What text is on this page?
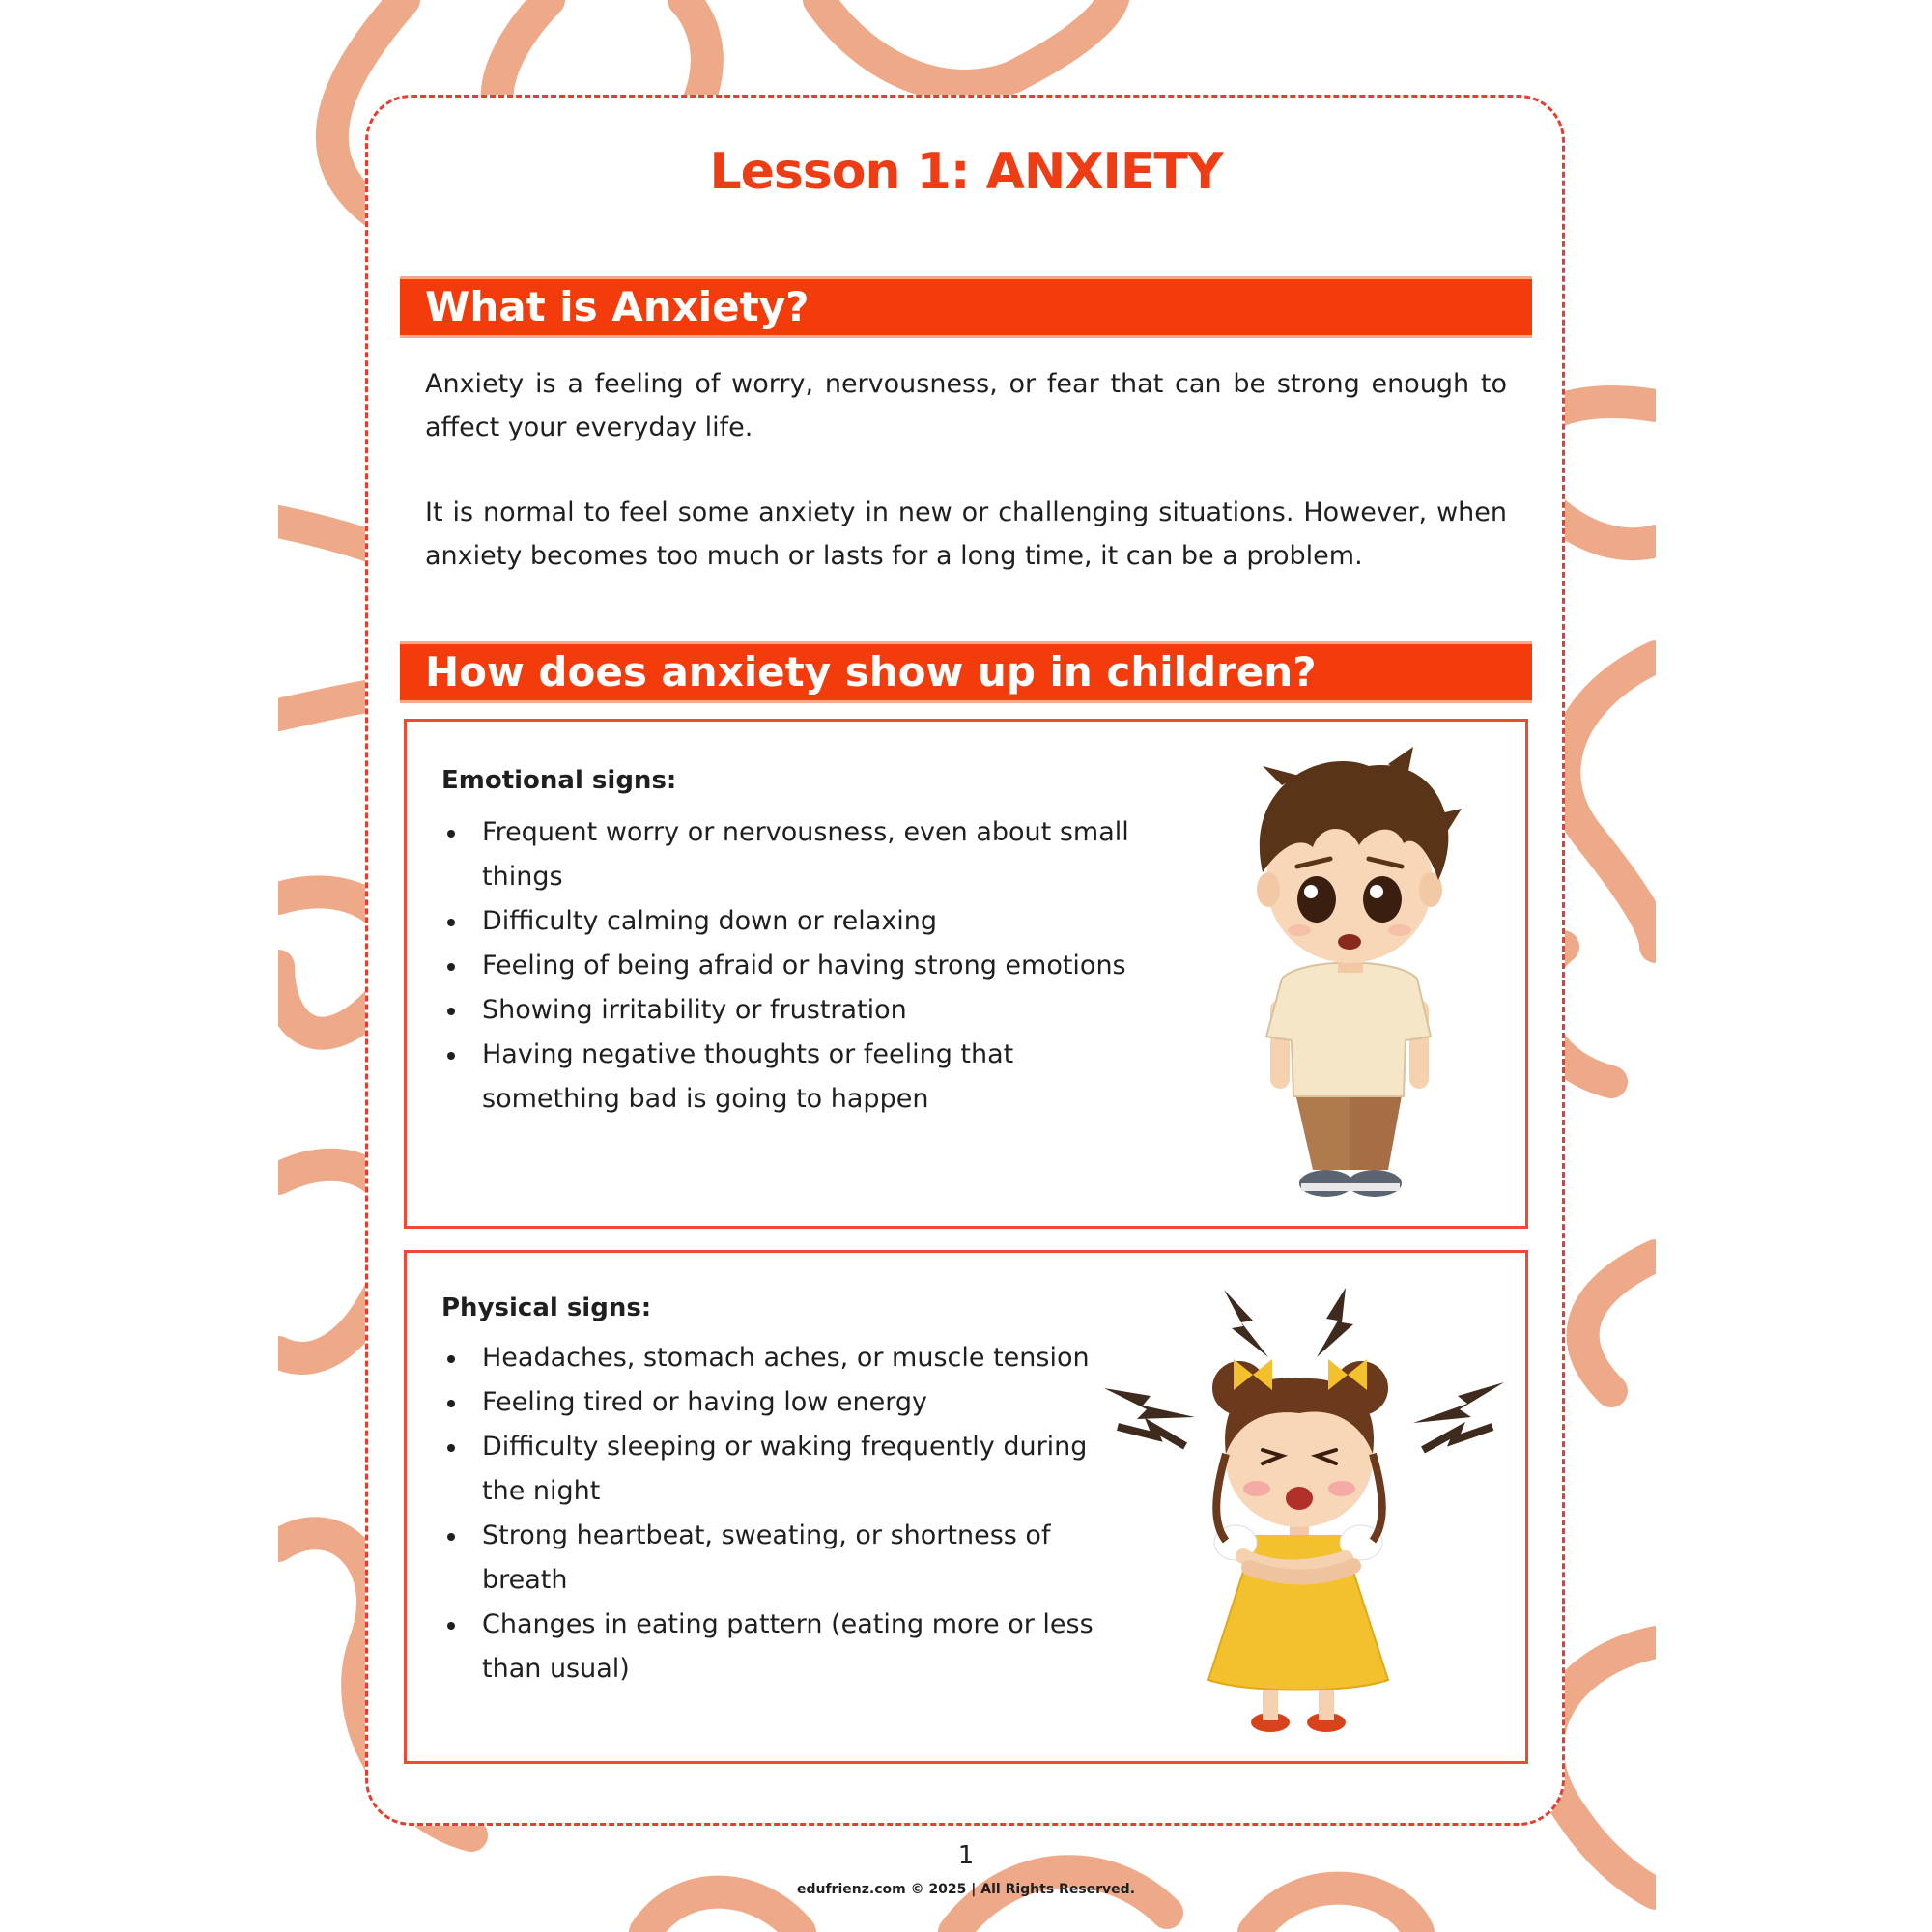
Lesson 1: ANXIETY
What is Anxiety?

Anxiety is a feeling of worry, nervousness, or fear that can be strong enough to affect your everyday life.

It is normal to feel some anxiety in new or challenging situations. However, when anxiety becomes too much or lasts for a long time, it can be a problem.

How does anxiety show up in children?
Emotional signs:
Frequent worry or nervousness, even about small things
Difficulty calming down or relaxing
Feeling of being afraid or having strong emotions
Showing irritability or frustration
Having negative thoughts or feeling that something bad is going to happen
Physical signs:
Headaches, stomach aches, or muscle tension
Feeling tired or having low energy
Difficulty sleeping or waking frequently during the night
Strong heartbeat, sweating, or shortness of breath
Changes in eating pattern (eating more or less than usual)
1
edufrienz.com © 2025 | All Rights Reserved.
